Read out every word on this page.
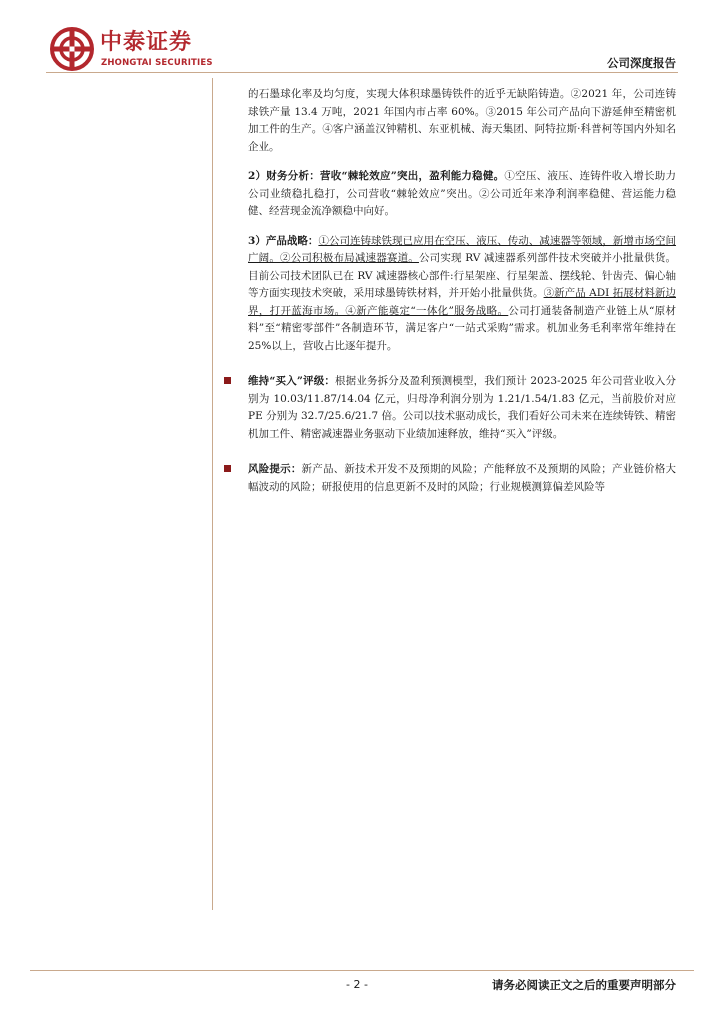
中泰证券
ZHONGTAI SECURITIES	公司深度报告

的石墨球化率及均匀度，实现大体积球墨铸铁件的近乎无缺陷铸造。②2021 年，公司连铸球铁产量 13.4 万吨，2021 年国内市占率 60%。③2015 年公司产品向下游延伸至精密机加工件的生产。④客户涵盖汉钟精机、东亚机械、海天集团、阿特拉斯·科普柯等国内外知名企业。

2）财务分析：营收“棘轮效应”突出，盈利能力稳健。①空压、液压、连铸件收入增长助力公司业绩稳扎稳打，公司营收“棘轮效应”突出。②公司近年来净利润率稳健、营运能力稳健、经营现金流净额稳中向好。

3）产品战略：①公司连铸球铁现已应用在空压、液压、传动、减速器等领域，新增市场空间广阔。②公司积极布局减速器赛道。公司实现 RV 减速器系列部件技术突破并小批量供货。目前公司技术团队已在 RV 减速器核心部件:行星架座、行星架盖、摆线轮、针齿壳、偏心轴等方面实现技术突破，采用球墨铸铁材料，并开始小批量供货。③新产品 ADI 拓展材料新边界，打开蓝海市场。④新产能奠定“一体化”服务战略。公司打通装备制造产业链上从“原材料”至“精密零部件”各制造环节，满足客户“一站式采购”需求。机加业务毛利率常年维持在 25%以上，营收占比逐年提升。

维持“买入”评级：根据业务拆分及盈利预测模型，我们预计 2023-2025 年公司营业收入分别为 10.03/11.87/14.04 亿元，归母净利润分别为 1.21/1.54/1.83 亿元，当前股价对应 PE 分别为 32.7/25.6/21.7 倍。公司以技术驱动成长，我们看好公司未来在连续铸铁、精密机加工件、精密减速器业务驱动下业绩加速释放，维持“买入”评级。

风险提示：新产品、新技术开发不及预期的风险；产能释放不及预期的风险；产业链价格大幅波动的风险；研报使用的信息更新不及时的风险；行业规模测算偏差风险等

- 2 -	请务必阅读正文之后的重要声明部分
